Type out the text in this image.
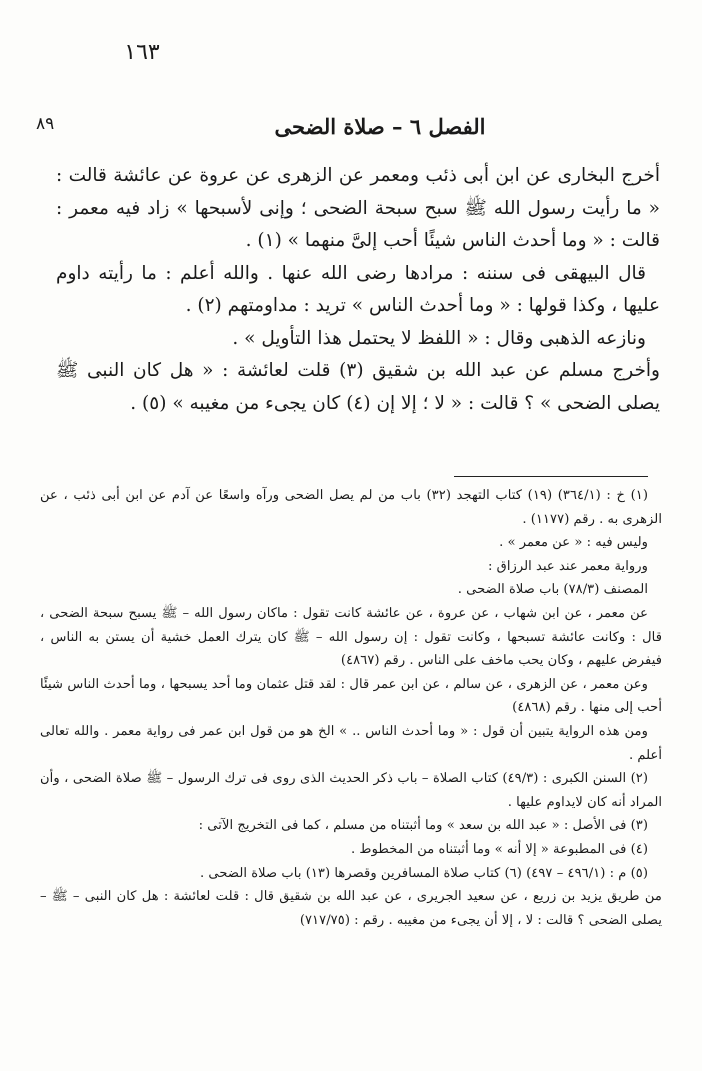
١٦٣
٨٩	الفصل ٦ – صلاة الضحى

أخرج البخارى عن ابن أبى ذئب ومعمر عن الزهرى عن عروة عن عائشة قالت : « ما رأيت رسول الله ﷺ سبح سبحة الضحى ؛ وإنى لأسبحها » زاد فيه معمر : قالت : « وما أحدث الناس شيئًا أحب إلىَّ منهما » (١) .

قال البيهقى فى سننه : مرادها رضى الله عنها . والله أعلم : ما رأيته داوم عليها ، وكذا قولها : « وما أحدث الناس » تريد : مداومتهم (٢) .

ونازعه الذهبى وقال : « اللفظ لا يحتمل هذا التأويل » .

وأخرج مسلم عن عبد الله بن شقيق (٣) قلت لعائشة : « هل كان النبى ﷺ يصلى الضحى » ؟ قالت : « لا ؛ إلا إن (٤) كان يجىء من مغيبه » (٥) .

(١) خ : (٣٦٤/١) (١٩) كتاب التهجد (٣٢) باب من لم يصل الضحى ورآه واسعًا عن آدم عن ابن أبى ذئب ، عن الزهرى به . رقم (١١٧٧) .

وليس فيه : « عن معمر » .

ورواية معمر عند عبد الرزاق :

المصنف (٧٨/٣) باب صلاة الضحى .

عن معمر ، عن ابن شهاب ، عن عروة ، عن عائشة كانت تقول : ماكان رسول الله – ﷺ يسبح سبحة الضحى ، قال : وكانت عائشة تسبحها ، وكانت تقول : إن رسول الله – ﷺ كان يترك العمل خشية أن يستن به الناس ، فيفرض عليهم ، وكان يحب ماخف على الناس . رقم (٤٨٦٧)

وعن معمر ، عن الزهرى ، عن سالم ، عن ابن عمر قال : لقد قتل عثمان وما أحد يسبحها ، وما أحدث الناس شيئًا أحب إلى منها . رقم (٤٨٦٨)

ومن هذه الرواية يتبين أن قول : « وما أحدث الناس .. » الخ هو من قول ابن عمر فى رواية معمر . والله تعالى أعلم .

(٢) السنن الكبرى : (٤٩/٣) كتاب الصلاة – باب ذكر الحديث الذى روى فى ترك الرسول – ﷺ صلاة الضحى ، وأن المراد أنه كان لايداوم عليها .

(٣) فى الأصل : « عبد الله بن سعد » وما أثبتناه من مسلم ، كما فى التخريج الآتى :

(٤) فى المطبوعة « إلا أنه » وما أثبتناه من المخطوط .

(٥) م : (٤٩٦/١ – ٤٩٧) (٦) كتاب صلاة المسافرين وقصرها (١٣) باب صلاة الضحى .

من طريق يزيد بن زريع ، عن سعيد الجريرى ، عن عبد الله بن شقيق قال : قلت لعائشة : هل كان النبى – ﷺ – يصلى الضحى ؟ قالت : لا ، إلا أن يجىء من مغيبه . رقم : (٧١٧/٧٥)
